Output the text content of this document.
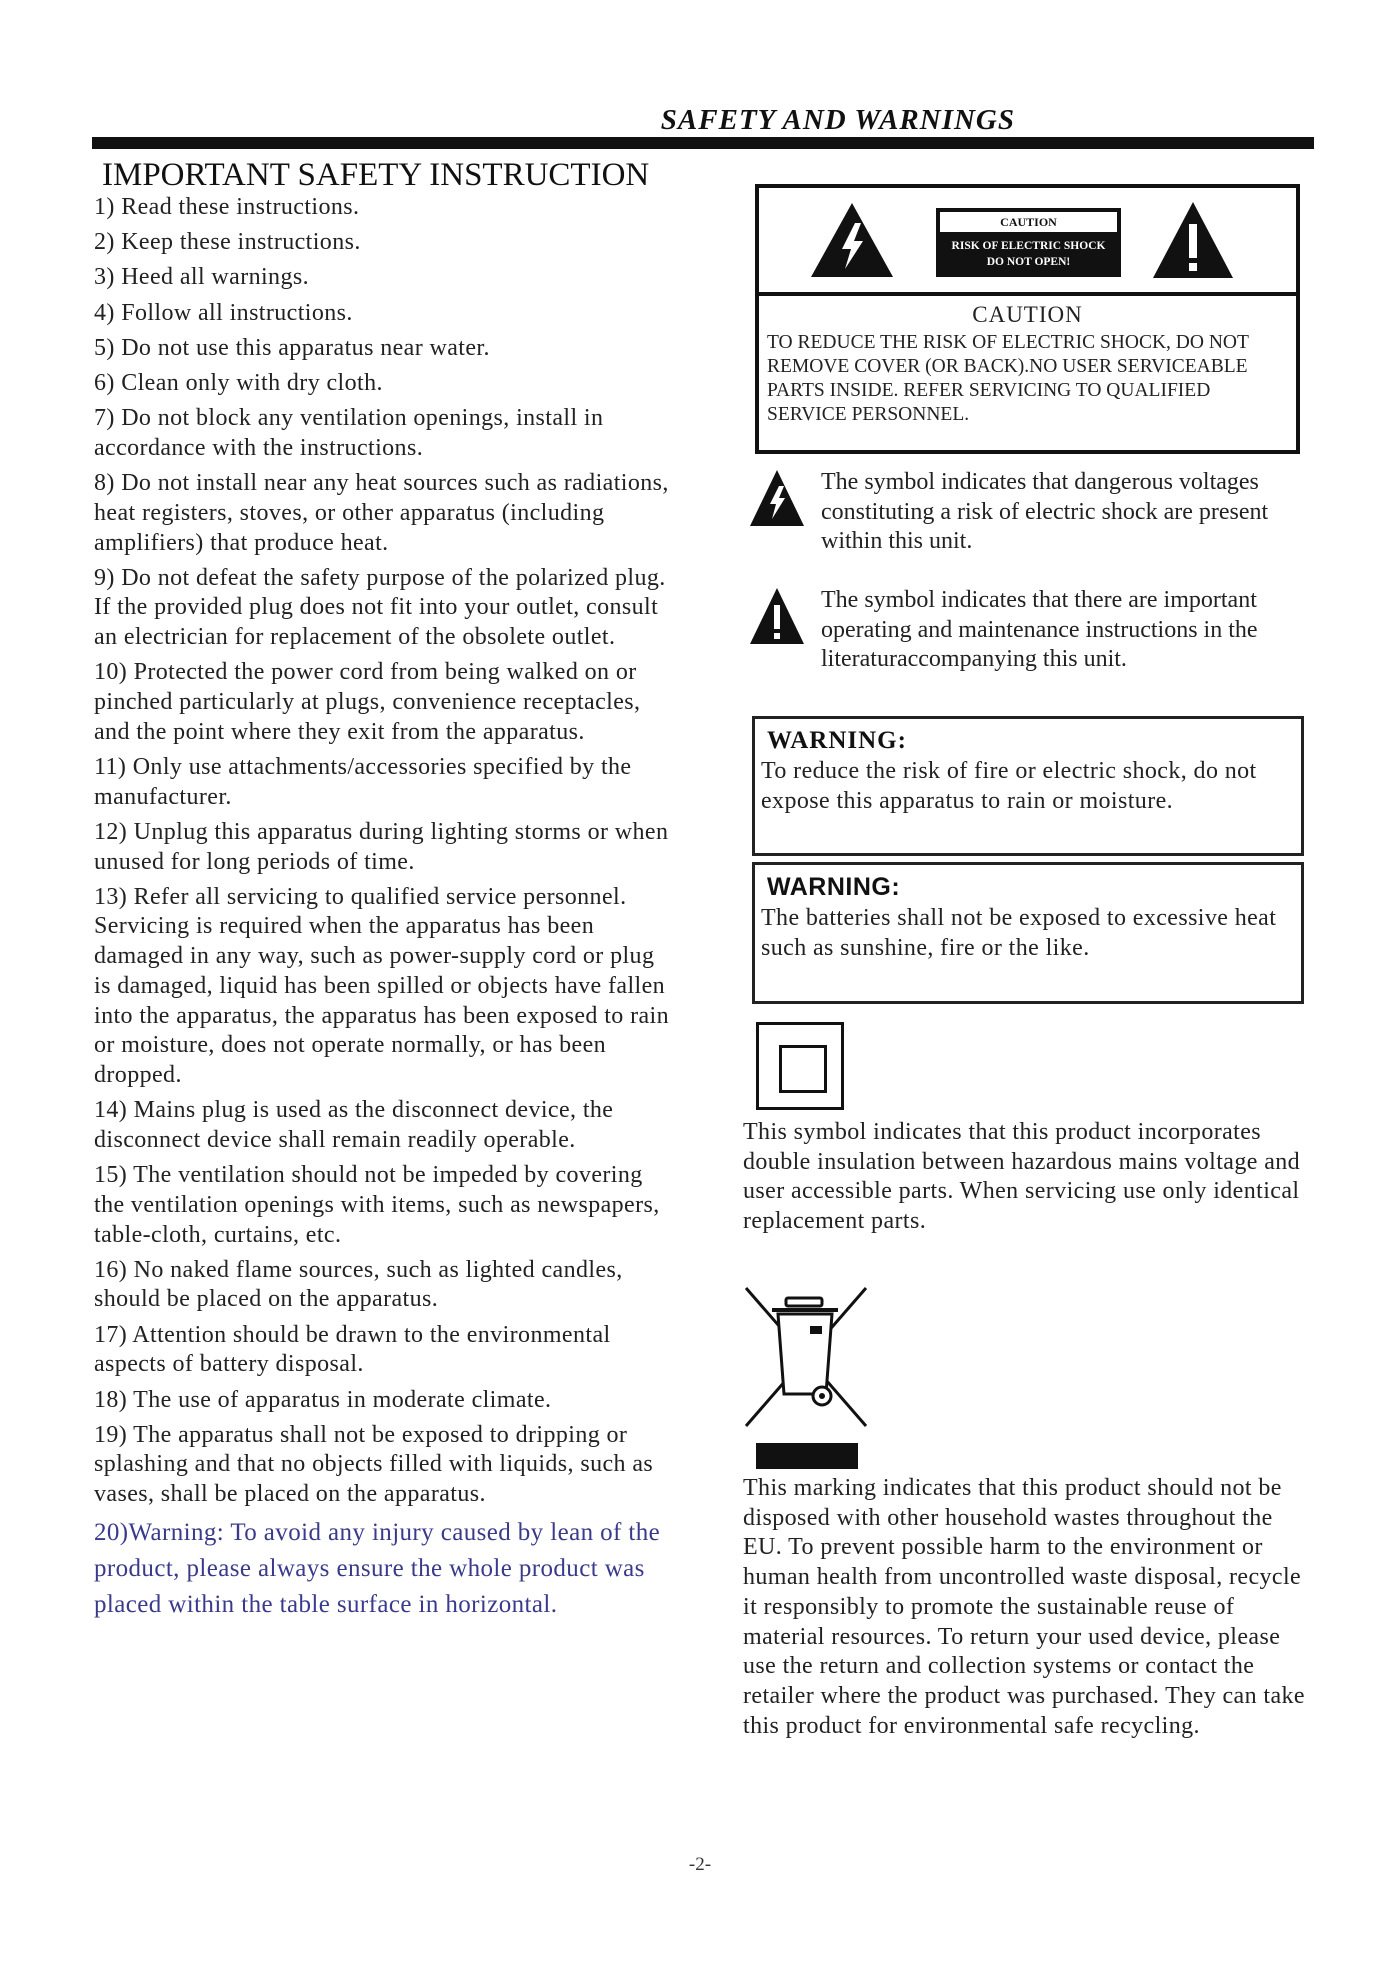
SAFETY AND WARNINGS
IMPORTANT SAFETY INSTRUCTION

1) Read these instructions.

2) Keep these instructions.

3) Heed all warnings.

4) Follow all instructions.

5) Do not use this apparatus near water.

6) Clean only with dry cloth.

7) Do not block any ventilation openings, install in accordance with the instructions.

8) Do not install near any heat sources such as radiations, heat registers, stoves, or other apparatus (including amplifiers) that produce heat.

9) Do not defeat the safety purpose of the polarized plug. If the provided plug does not fit into your outlet, consult an electrician for replacement of the obsolete outlet.

10) Protected the power cord from being walked on or pinched particularly at plugs, convenience receptacles, and the point where they exit from the apparatus.

11) Only use attachments/accessories specified by the manufacturer.

12) Unplug this apparatus during lighting storms or when unused for long periods of time.

13) Refer all servicing to qualified service personnel. Servicing is required when the apparatus has been damaged in any way, such as power-supply cord or plug is damaged, liquid has been spilled or objects have fallen into the apparatus, the apparatus has been exposed to rain or moisture, does not operate normally, or has been dropped.

14) Mains plug is used as the disconnect device, the disconnect device shall remain readily operable.

15) The ventilation should not be impeded by covering the ventilation openings with items, such as newspapers, table-cloth, curtains, etc.

16) No naked flame sources, such as lighted candles, should be placed on the apparatus.

17) Attention should be drawn to the environmental aspects of battery disposal.

18) The use of apparatus in moderate climate.

19) The apparatus shall not be exposed to dripping or splashing and that no objects filled with liquids, such as vases, shall be placed on the apparatus.

20)Warning: To avoid any injury caused by lean of the product, please always ensure the whole product was placed within the table surface in horizontal.

CAUTION
RISK OF ELECTRIC SHOCK
DO NOT OPEN!
CAUTION
TO REDUCE THE RISK OF ELECTRIC SHOCK, DO NOT REMOVE COVER (OR BACK).NO USER SERVICEABLE PARTS INSIDE. REFER SERVICING TO QUALIFIED SERVICE PERSONNEL.
The symbol indicates that dangerous voltages constituting a risk of electric shock are present within this unit.
The symbol indicates that there are important operating and maintenance instructions in the literaturaccompanying this unit.
WARNING:
To reduce the risk of fire or electric shock, do not expose this apparatus to rain or moisture.
WARNING:
The batteries shall not be exposed to excessive heat such as sunshine, fire or the like.

This symbol indicates that this product incorporates double insulation between hazardous mains voltage and user accessible parts. When servicing use only identical replacement parts.

This marking indicates that this product should not be disposed with other household wastes throughout the EU. To prevent possible harm to the environment or human health from uncontrolled waste disposal, recycle it responsibly to promote the sustainable reuse of material resources. To return your used device, please use the return and collection systems or contact the retailer where the product was purchased. They can take this product for environmental safe recycling.

-2-
